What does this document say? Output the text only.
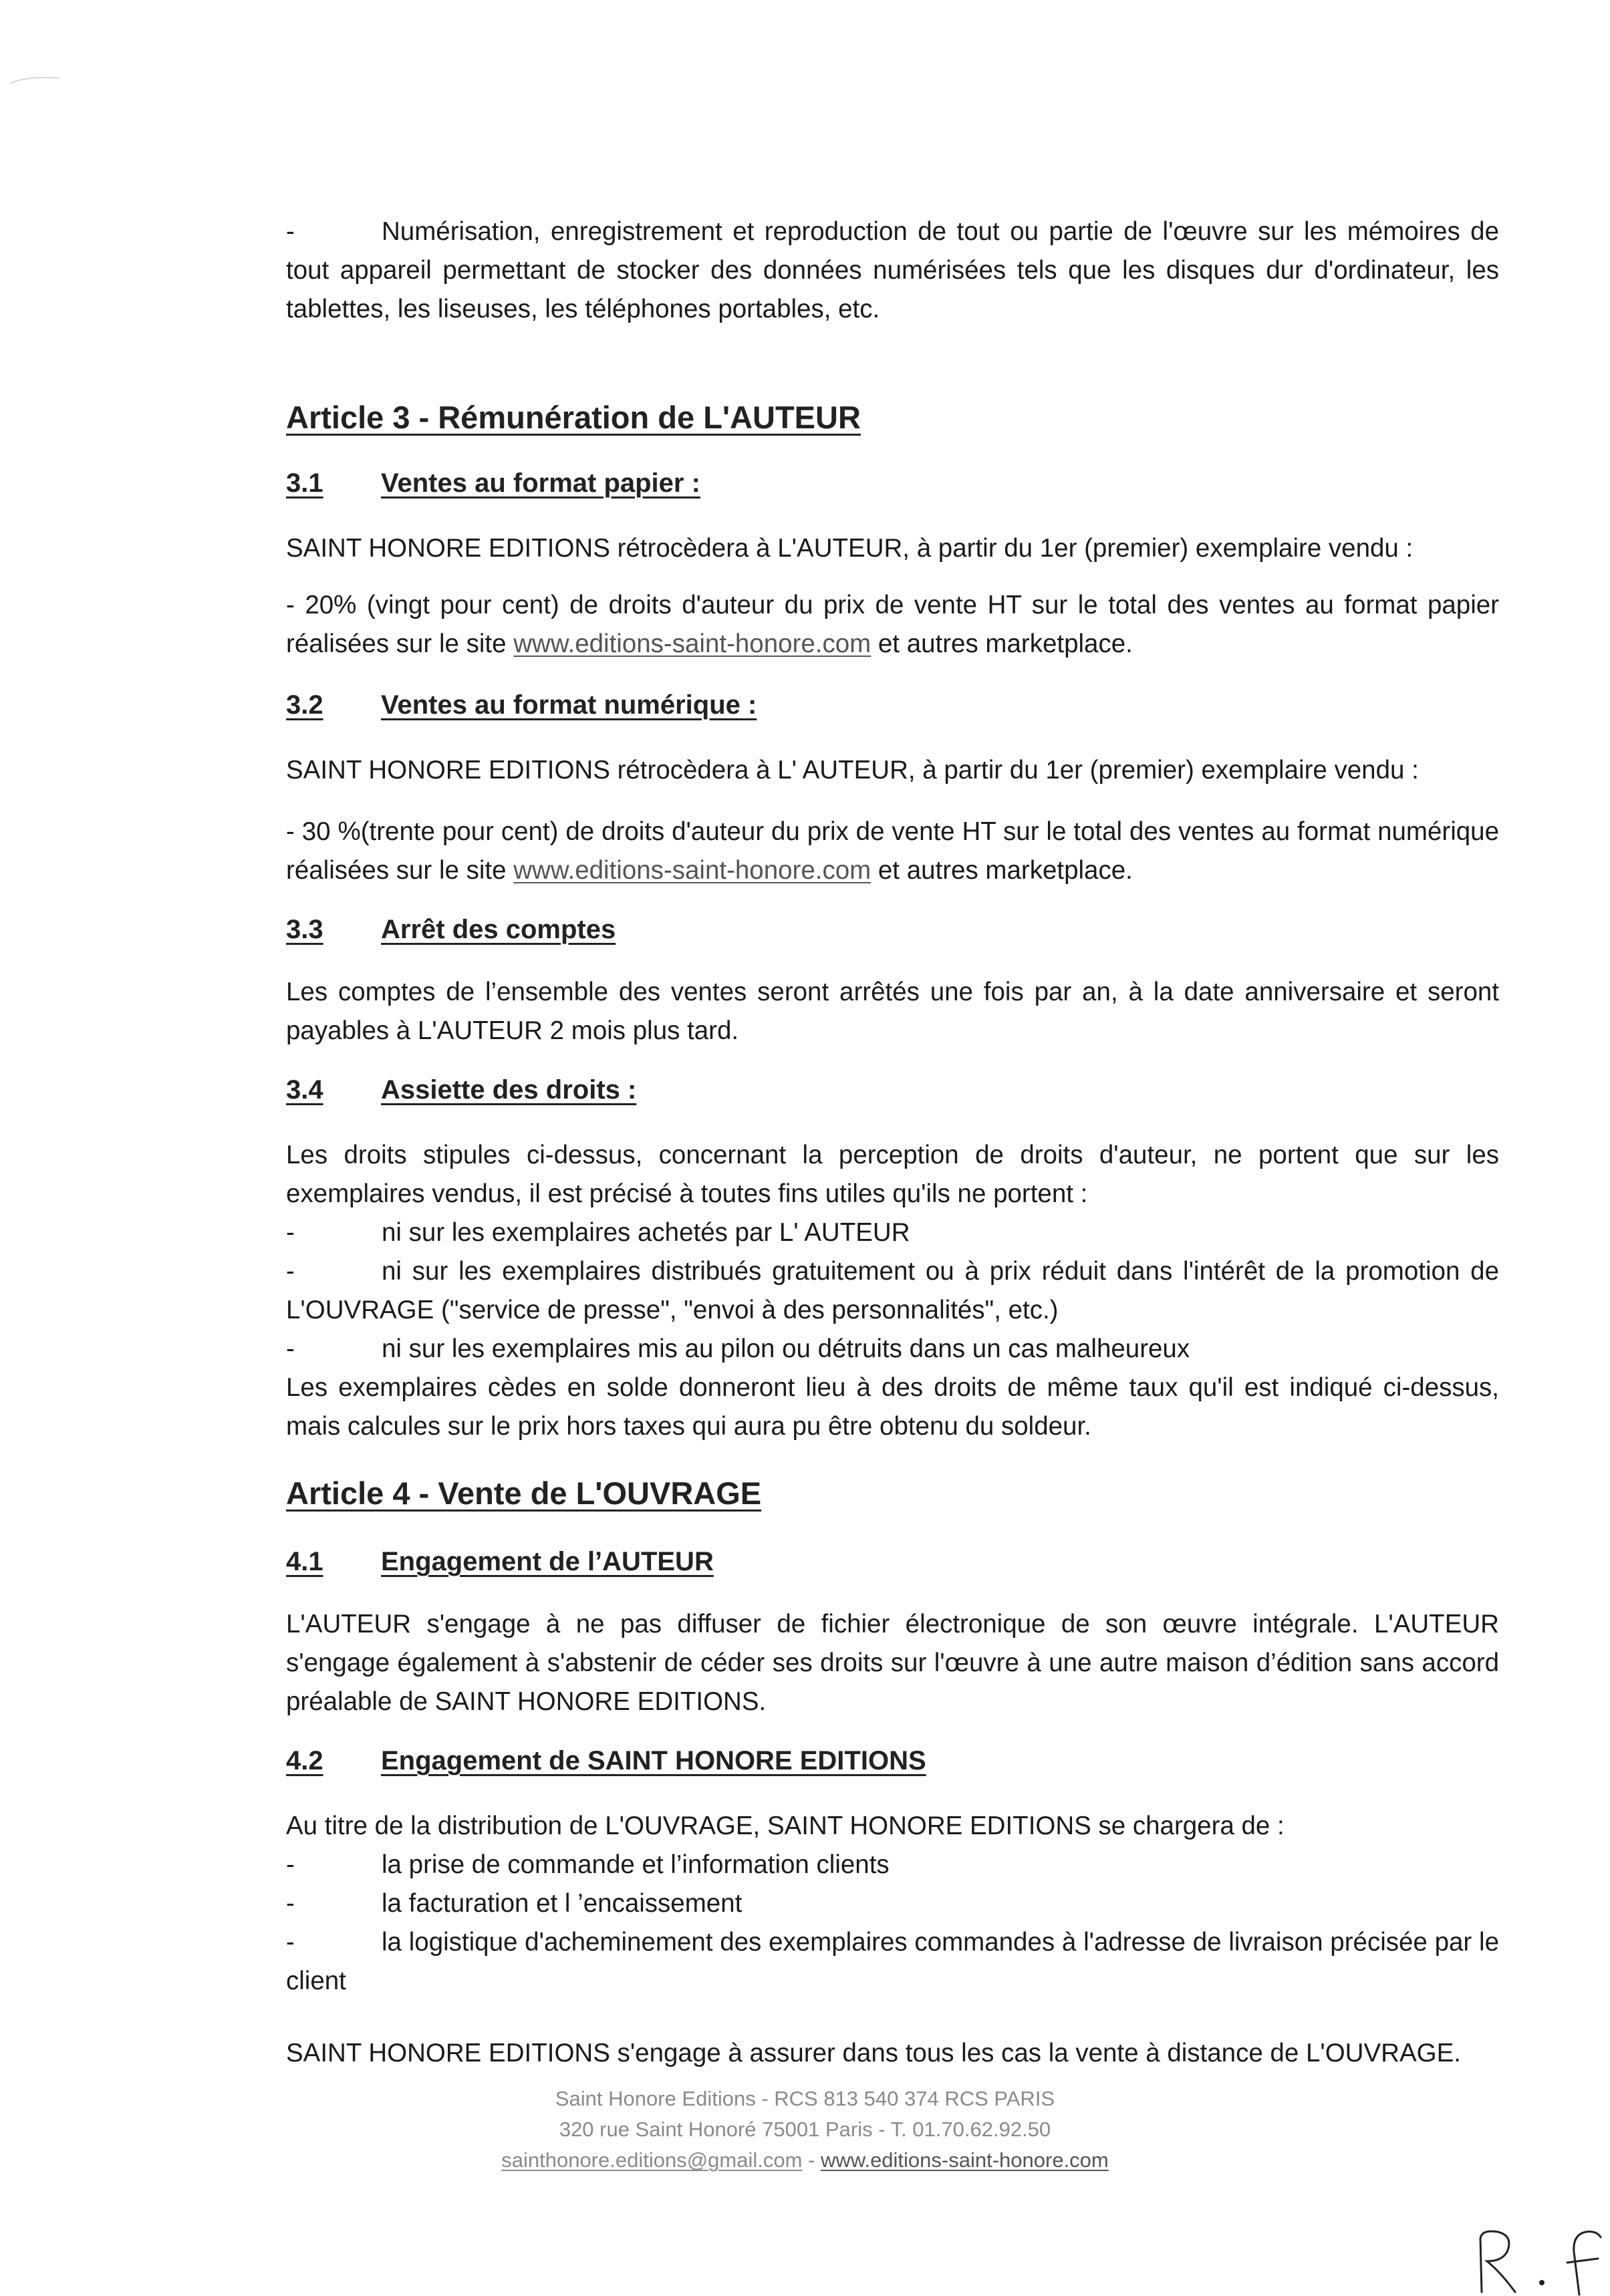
-	Numérisation, enregistrement et reproduction de tout ou partie de l'œuvre sur les mémoires de tout appareil permettant de stocker des données numérisées tels que les disques dur d'ordinateur, les tablettes, les liseuses, les téléphones portables, etc.

Article 3 - Rémunération de L'AUTEUR
3.1 Ventes au format papier :

SAINT HONORE EDITIONS rétrocèdera à L'AUTEUR, à partir du 1er (premier) exemplaire vendu :

- 20% (vingt pour cent) de droits d'auteur du prix de vente HT sur le total des ventes au format papier réalisées sur le site www.editions-saint-honore.com et autres marketplace.

3.2 Ventes au format numérique :

SAINT HONORE EDITIONS rétrocèdera à L' AUTEUR, à partir du 1er (premier) exemplaire vendu :

- 30 %(trente pour cent) de droits d'auteur du prix de vente HT sur le total des ventes au format numérique réalisées sur le site www.editions-saint-honore.com et autres marketplace.

3.3 Arrêt des comptes

Les comptes de l’ensemble des ventes seront arrêtés une fois par an, à la date anniversaire et seront payables à L'AUTEUR 2 mois plus tard.

3.4 Assiette des droits :

Les droits stipules ci-dessus, concernant la perception de droits d'auteur, ne portent que sur les exemplaires vendus, il est précisé à toutes fins utiles qu'ils ne portent :

-	ni sur les exemplaires achetés par L' AUTEUR

-	ni sur les exemplaires distribués gratuitement ou à prix réduit dans l'intérêt de la promotion de L'OUVRAGE ("service de presse", "envoi à des personnalités", etc.)

-	ni sur les exemplaires mis au pilon ou détruits dans un cas malheureux

Les exemplaires cèdes en solde donneront lieu à des droits de même taux qu'il est indiqué ci-dessus, mais calcules sur le prix hors taxes qui aura pu être obtenu du soldeur.

Article 4 - Vente de L'OUVRAGE
4.1 Engagement de l’AUTEUR

L'AUTEUR s'engage à ne pas diffuser de fichier électronique de son œuvre intégrale. L'AUTEUR s'engage également à s'abstenir de céder ses droits sur l'œuvre à une autre maison d’édition sans accord préalable de SAINT HONORE EDITIONS.

4.2 Engagement de SAINT HONORE EDITIONS

Au titre de la distribution de L'OUVRAGE, SAINT HONORE EDITIONS se chargera de :

-	la prise de commande et l’information clients

-	la facturation et l ’encaissement

-	la logistique d'acheminement des exemplaires commandes à l'adresse de livraison précisée par le client

SAINT HONORE EDITIONS s'engage à assurer dans tous les cas la vente à distance de L'OUVRAGE.

Saint Honore Editions - RCS 813 540 374 RCS PARIS
320 rue Saint Honoré 75001 Paris - T. 01.70.62.92.50
sainthonore.editions@gmail.com - www.editions-saint-honore.com
